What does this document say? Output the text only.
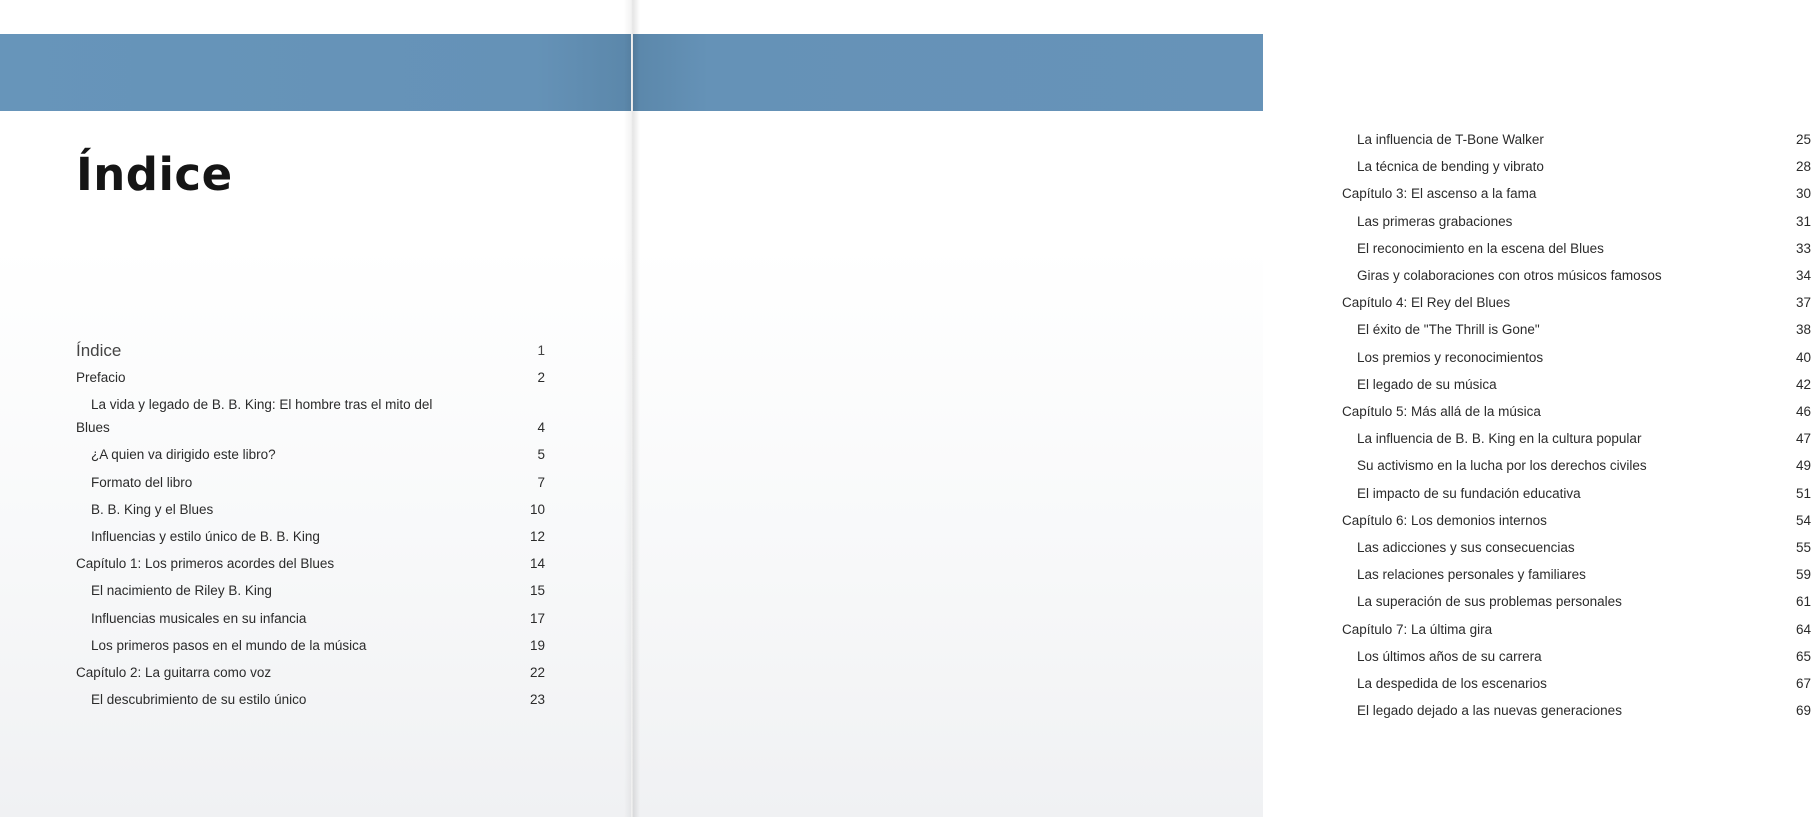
Índice
Índice	1
Prefacio	2
La vida y legado de B. B. King: El hombre tras el mito del Blues	4
¿A quien va dirigido este libro?	5
Formato del libro	7
B. B. King y el Blues	10
Influencias y estilo único de B. B. King	12
Capítulo 1: Los primeros acordes del Blues	14
El nacimiento de Riley B. King	15
Influencias musicales en su infancia	17
Los primeros pasos en el mundo de la música	19
Capítulo 2: La guitarra como voz	22
El descubrimiento de su estilo único	23
La influencia de T-Bone Walker	25
La técnica de bending y vibrato	28
Capítulo 3: El ascenso a la fama	30
Las primeras grabaciones	31
El reconocimiento en la escena del Blues	33
Giras y colaboraciones con otros músicos famosos	34
Capítulo 4: El Rey del Blues	37
El éxito de "The Thrill is Gone"	38
Los premios y reconocimientos	40
El legado de su música	42
Capítulo 5: Más allá de la música	46
La influencia de B. B. King en la cultura popular	47
Su activismo en la lucha por los derechos civiles	49
El impacto de su fundación educativa	51
Capítulo 6: Los demonios internos	54
Las adicciones y sus consecuencias	55
Las relaciones personales y familiares	59
La superación de sus problemas personales	61
Capítulo 7: La última gira	64
Los últimos años de su carrera	65
La despedida de los escenarios	67
El legado dejado a las nuevas generaciones	69
